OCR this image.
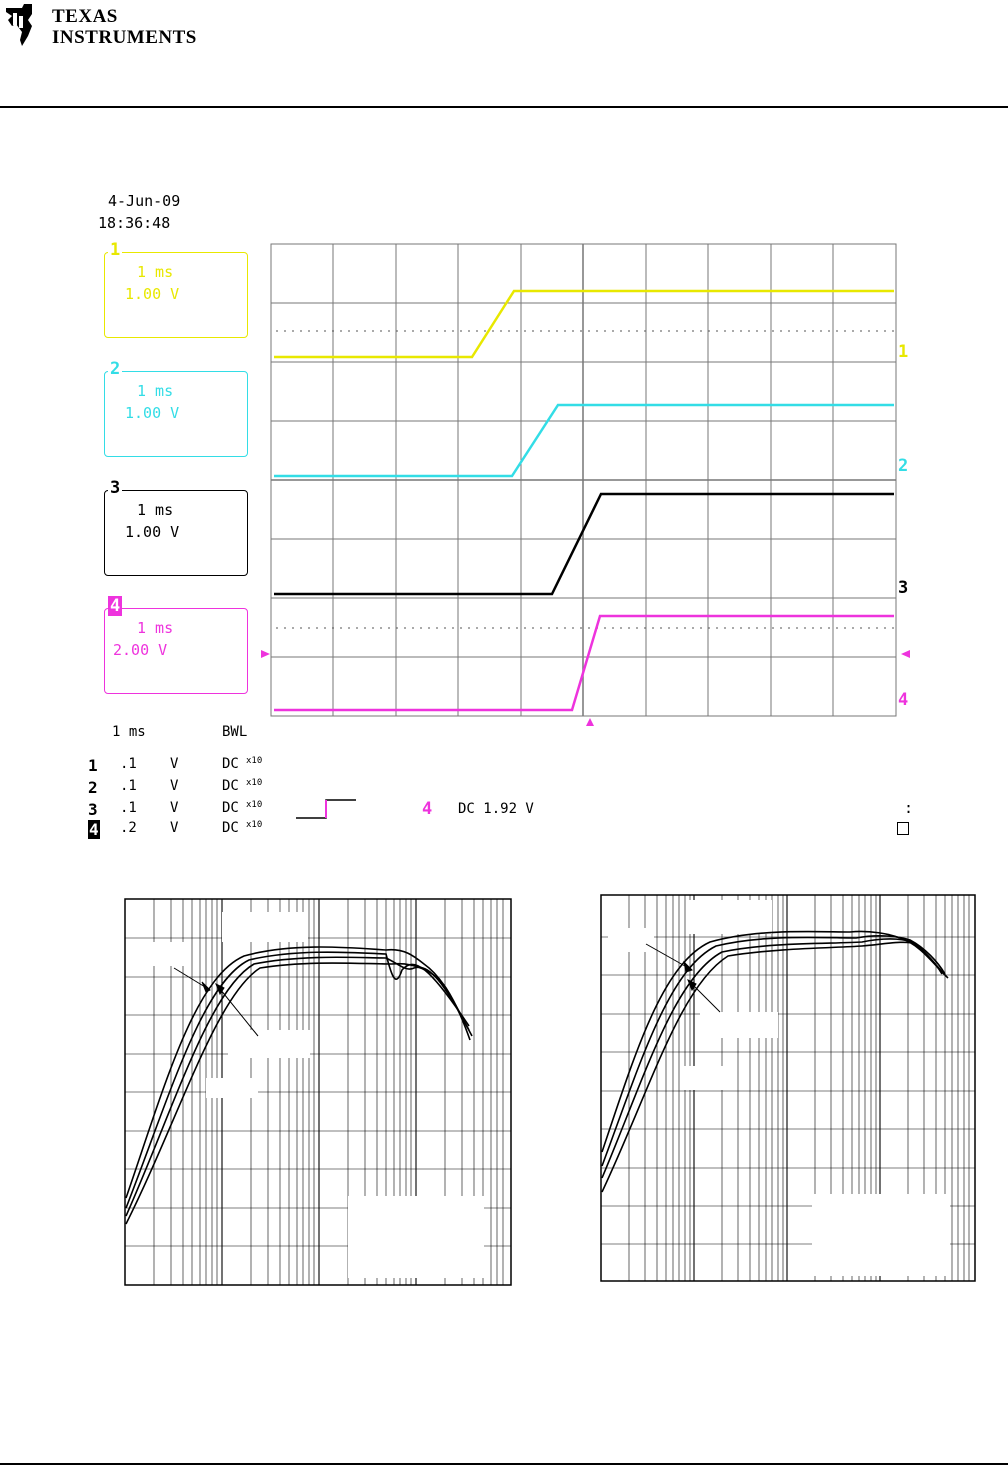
TEXAS
INSTRUMENTS
4-Jun-09
18:36:48
1 ms
1.00 V
1
1 ms
1.00 V
2
1 ms
1.00 V
3
1 ms
2.00 V
4
1
2
3
4
1 ms	BWL
1 .1 V	DC x10
2 .1 V	DC x10
3 .1 V	DC x10
4 .2 V	DC x10
4 DC 1.92 V	:
